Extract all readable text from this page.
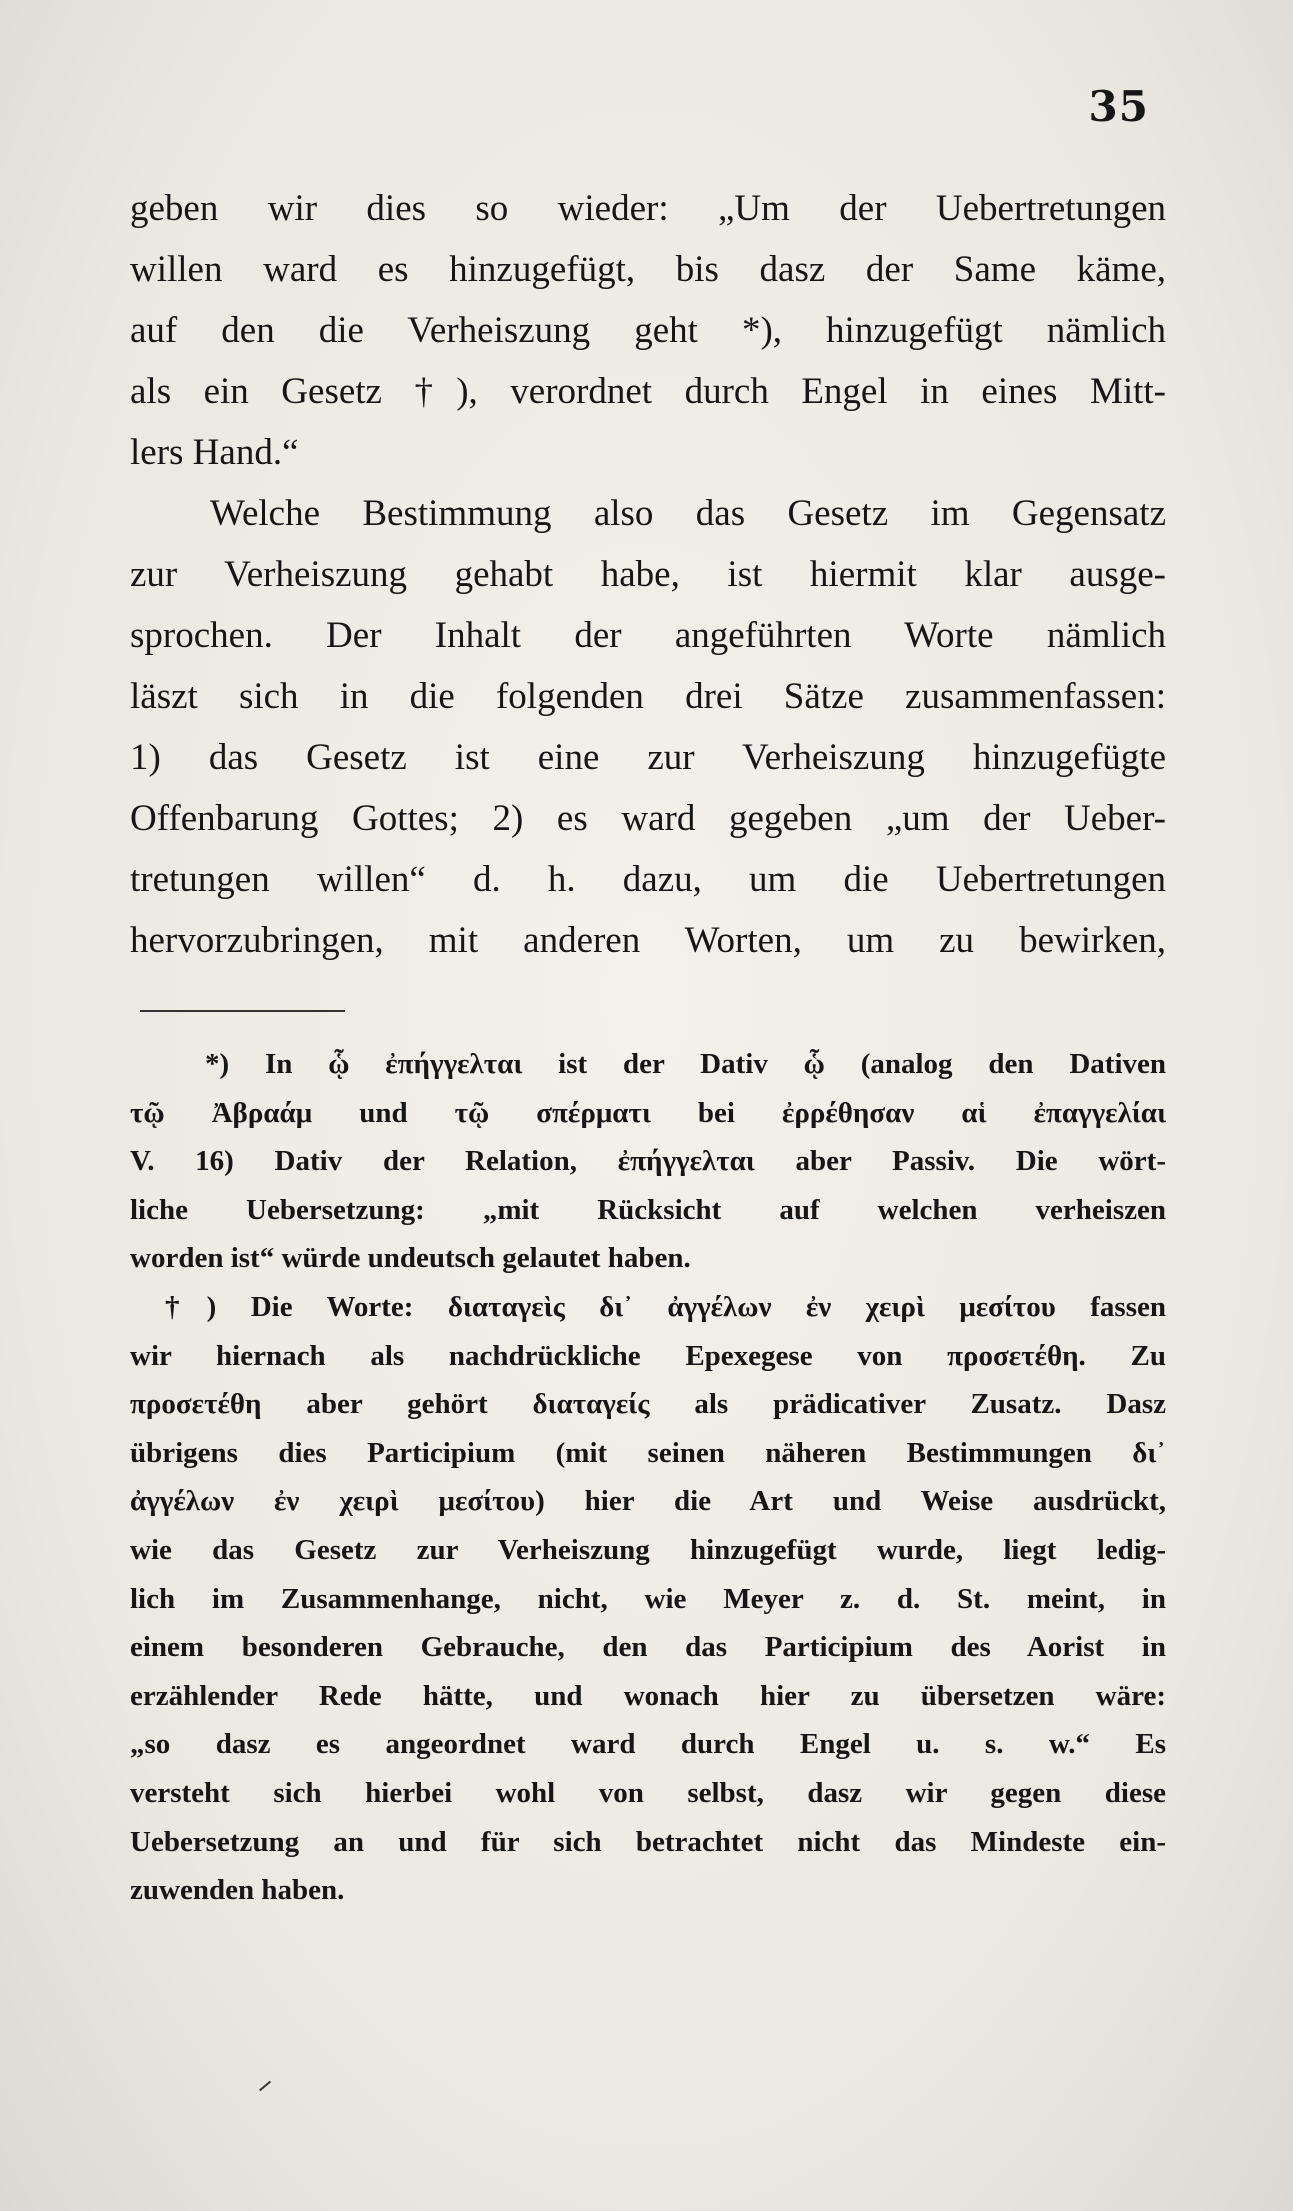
35
geben wir dies so wieder: „Um der Uebertretungen
willen ward es hinzugefügt, bis dasz der Same käme,
auf den die Verheiszung geht *), hinzugefügt nämlich
als ein Gesetz †), verordnet durch Engel in eines Mitt-
lers Hand.“
Welche Bestimmung also das Gesetz im Gegensatz
zur Verheiszung gehabt habe, ist hiermit klar ausge-
sprochen. Der Inhalt der angeführten Worte nämlich
läszt sich in die folgenden drei Sätze zusammenfassen:
1) das Gesetz ist eine zur Verheiszung hinzugefügte
Offenbarung Gottes; 2) es ward gegeben „um der Ueber-
tretungen willen“ d. h. dazu, um die Uebertretungen
hervorzubringen, mit anderen Worten, um zu bewirken,
*) In ᾧ ἐπήγγελται ist der Dativ ᾧ (analog den Dativen
τῷ Ἀβραάμ und τῷ σπέρματι bei ἐρρέθησαν αἱ ἐπαγγελίαι
V. 16) Dativ der Relation, ἐπήγγελται aber Passiv. Die wört-
liche Uebersetzung: „mit Rücksicht auf welchen verheiszen
worden ist“ würde undeutsch gelautet haben.
†) Die Worte: διαταγεὶς δι᾽ ἀγγέλων ἐν χειρὶ μεσίτου fassen
wir hiernach als nachdrückliche Epexegese von προσετέθη. Zu
προσετέθη aber gehört διαταγείς als prädicativer Zusatz. Dasz
übrigens dies Participium (mit seinen näheren Bestimmungen δι᾽
ἀγγέλων ἐν χειρὶ μεσίτου) hier die Art und Weise ausdrückt,
wie das Gesetz zur Verheiszung hinzugefügt wurde, liegt ledig-
lich im Zusammenhange, nicht, wie Meyer z. d. St. meint, in
einem besonderen Gebrauche, den das Participium des Aorist in
erzählender Rede hätte, und wonach hier zu übersetzen wäre:
„so dasz es angeordnet ward durch Engel u. s. w.“ Es
versteht sich hierbei wohl von selbst, dasz wir gegen diese
Uebersetzung an und für sich betrachtet nicht das Mindeste ein-
zuwenden haben.
